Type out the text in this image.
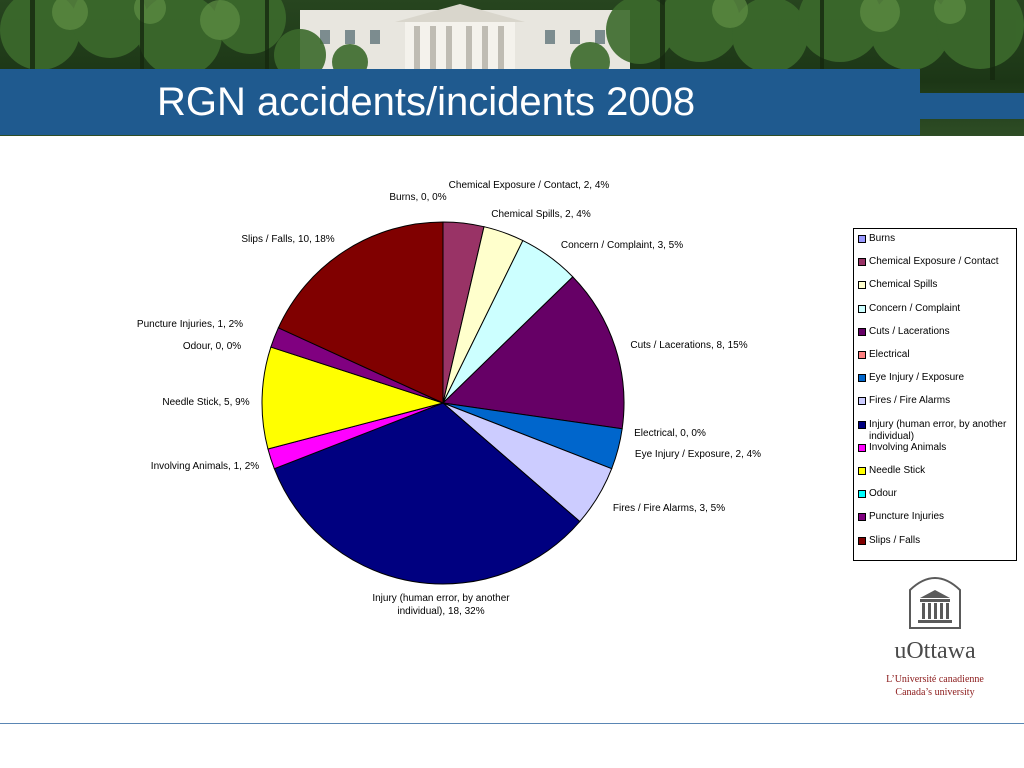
RGN accidents/incidents 2008
Burns, 0, 0%
Chemical Exposure / Contact, 2, 4%
Chemical Spills, 2, 4%
Concern / Complaint, 3, 5%
Cuts / Lacerations, 8, 15%
Electrical, 0, 0%
Eye Injury / Exposure, 2, 4%
Fires / Fire Alarms, 3, 5%
Injury (human error, by another individual), 18, 32%
Involving Animals, 1, 2%
Needle Stick, 5, 9%
Odour, 0, 0%
Puncture Injuries, 1, 2%
Slips / Falls, 10, 18%	Burns
Chemical Exposure / Contact
Chemical Spills
Concern / Complaint
Cuts / Lacerations
Electrical
Eye Injury / Exposure
Fires / Fire Alarms
Injury (human error, by another individual)
Involving Animals
Needle Stick
Odour
Puncture Injuries
Slips / Falls
uOttawa
L’Université canadienne
Canada’s university
